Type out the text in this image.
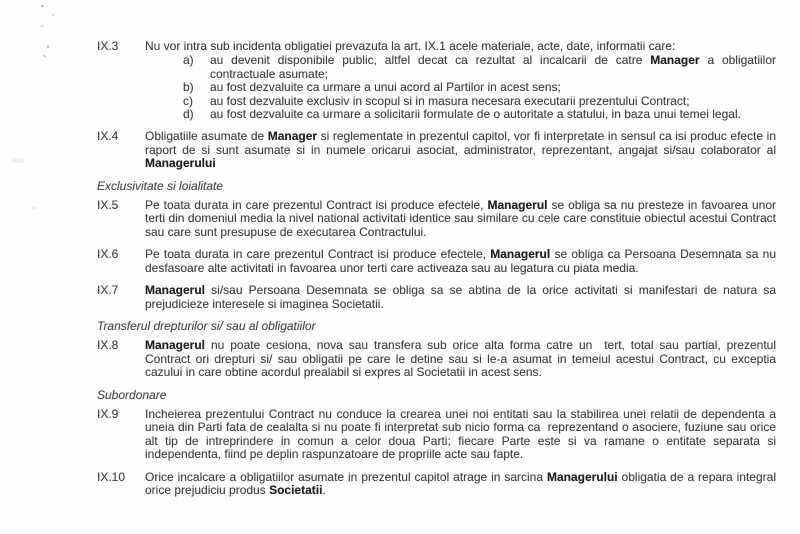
IX.3	Nu vor intra sub incidenta obligatiei prevazuta la art. IX.1 acele materiale, acte, date, informatii care:
a)	au devenit disponibile public, altfel decat ca rezultat al incalcarii de catre Manager a obligatiilor contractuale asumate;
b)	au fost dezvaluite ca urmare a unui acord al Partilor in acest sens;
c)	au fost dezvaluite exclusiv in scopul si in masura necesara executarii prezentului Contract;
d)	au fost dezvaluite ca urmare a solicitarii formulate de o autoritate a statului, in baza unui temei legal.
IX.4	Obligatiile asumate de Manager si reglementate in prezentul capitol, vor fi interpretate in sensul ca isi produc efecte in raport de si sunt asumate si in numele oricarui asociat, administrator, reprezentant, angajat si/sau colaborator al Managerului
Exclusivitate si loialitate
IX.5	Pe toata durata in care prezentul Contract isi produce efectele, Managerul se obliga sa nu presteze in favoarea unor terti din domeniul media la nivel national activitati identice sau similare cu cele care constituie obiectul acestui Contract sau care sunt presupuse de executarea Contractului.
IX.6	Pe toata durata in care prezentul Contract isi produce efectele, Managerul se obliga ca Persoana Desemnata sa nu desfasoare alte activitati in favoarea unor terti care activeaza sau au legatura cu piata media.
IX.7	Managerul si/sau Persoana Desemnata se obliga sa se abtina de la orice activitati si manifestari de natura sa prejudicieze interesele si imaginea Societatii.
Transferul drepturilor si/ sau al obligatiilor
IX.8	Managerul nu poate cesiona, nova sau transfera sub orice alta forma catre un  tert, total sau partial, prezentul Contract ori drepturi si/ sau obligatii pe care le detine sau si le-a asumat in temeiul acestui Contract, cu exceptia cazului in care obtine acordul prealabil si expres al Societatii in acest sens.
Subordonare
IX.9	Incheierea prezentului Contract nu conduce la crearea unei noi entitati sau la stabilirea unei relatii de dependenta a uneia din Parti fata de cealalta si nu poate fi interpretat sub nicio forma ca  reprezentand o asociere, fuziune sau orice alt tip de intreprindere in comun a celor doua Parti; fiecare Parte este si va ramane o entitate separata si independenta, fiind pe deplin raspunzatoare de propriile acte sau fapte.
IX.10	Orice incalcare a obligatiilor asumate in prezentul capitol atrage in sarcina Managerului obligatia de a repara integral orice prejudiciu produs Societatii.
